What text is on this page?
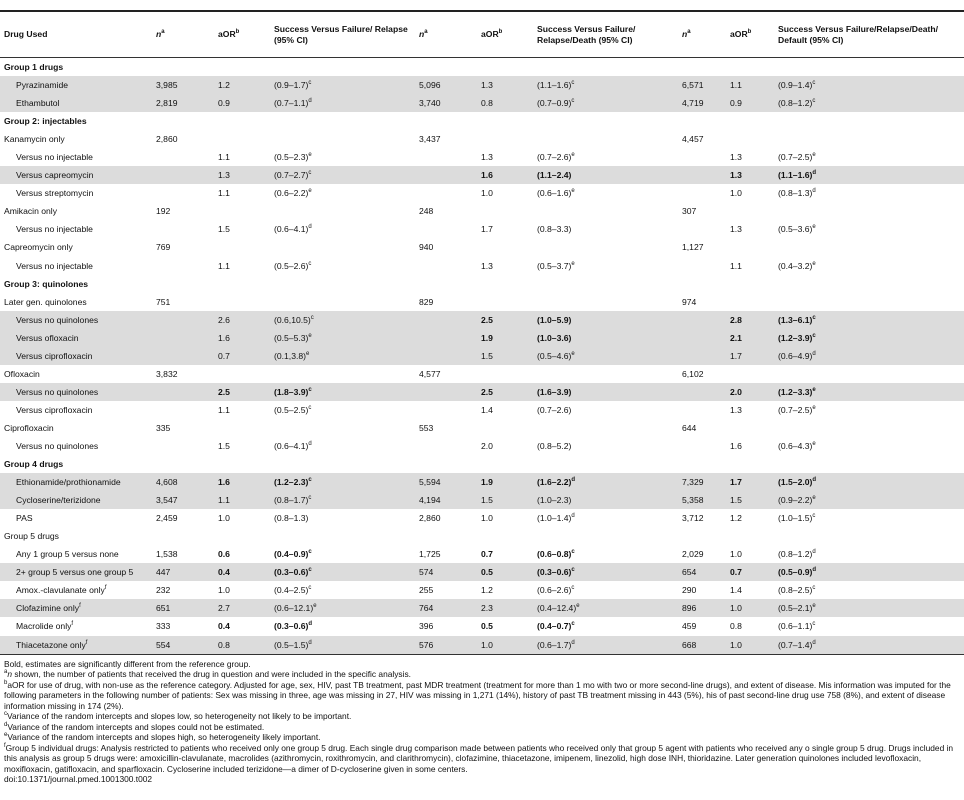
Drug Used	$n^a$	aOR$^b$	Success Versus Failure/ Relapse (95% CI)	$n^a$	aOR$^b$	Success Versus Failure/ Relapse/Death (95% CI)	$n^a$	aOR$^b$	Success Versus Failure/Relapse/Death/ Default (95% CI)
Group 1 drugs									
Pyrazinamide	3,985	1.2	$(0.9-1.7)^c$	5,096	1.3	$(1.1-1.6)^c$	6,571	1.1	$(0.9-1.4)^c$
Ethambutol	2,819	0.9	$(0.7-1.1)^d$	3,740	0.8	$(0.7-0.9)^c$	4,719	0.9	$(0.8-1.2)^c$
Group 2: injectables									
Kanamycin only	2,860			3,437			4,457		
Versus no injectable		1.1	$(0.5-2.3)^e$		1.3	$(0.7-2.6)^e$		1.3	$(0.7-2.5)^e$
Versus capreomycin		1.3	$(0.7-2.7)^c$		1.6	(1.1–2.4)		1.3	$(1.1-1.6)^d$
Versus streptomycin		1.1	$(0.6-2.2)^e$		1.0	$(0.6-1.6)^e$		1.0	$(0.8-1.3)^d$
Amikacin only	192			248			307		
Versus no injectable		1.5	$(0.6-4.1)^d$		1.7	(0.8–3.3)		1.3	$(0.5-3.6)^e$
Capreomycin only	769			940			1,127		
Versus no injectable		1.1	$(0.5-2.6)^c$		1.3	$(0.5-3.7)^e$		1.1	$(0.4-3.2)^e$
Group 3: quinolones									
Later gen. quinolones	751			829			974		
Versus no quinolones		2.6	$(0.6,10.5)^c$		2.5	(1.0–5.9)		2.8	$(1.3-6.1)^c$
Versus ofloxacin		1.6	$(0.5-5.3)^e$		1.9	(1.0–3.6)		2.1	$(1.2-3.9)^c$
Versus ciprofloxacin		0.7	$(0.1,3.8)^e$		1.5	$(0.5-4.6)^e$		1.7	$(0.6-4.9)^d$
Ofloxacin	3,832			4,577			6,102		
Versus no quinolones		2.5	$(1.8-3.9)^c$		2.5	(1.6–3.9)		2.0	$(1.2-3.3)^e$
Versus ciprofloxacin		1.1	$(0.5-2.5)^c$		1.4	(0.7–2.6)		1.3	$(0.7-2.5)^e$
Ciprofloxacin	335			553			644		
Versus no quinolones		1.5	$(0.6-4.1)^d$		2.0	(0.8–5.2)		1.6	$(0.6-4.3)^e$
Group 4 drugs									
Ethionamide/prothionamide	4,608	1.6	$(1.2-2.3)^c$	5,594	1.9	$(1.6-2.2)^d$	7,329	1.7	$(1.5-2.0)^d$
Cycloserine/terizidone	3,547	1.1	$(0.8-1.7)^c$	4,194	1.5	(1.0–2.3)	5,358	1.5	$(0.9-2.2)^e$
PAS	2,459	1.0	(0.8–1.3)	2,860	1.0	$(1.0-1.4)^d$	3,712	1.2	$(1.0-1.5)^c$
Group 5 drugs									
Any 1 group 5 versus none	1,538	0.6	$(0.4-0.9)^c$	1,725	0.7	$(0.6-0.8)^c$	2,029	1.0	$(0.8-1.2)^d$
2+ group 5 versus one group 5	447	0.4	$(0.3-0.6)^c$	574	0.5	$(0.3-0.6)^c$	654	0.7	$(0.5-0.9)^d$
Amox.-clavulanate only$^f$	232	1.0	$(0.4-2.5)^c$	255	1.2	$(0.6-2.6)^c$	290	1.4	$(0.8-2.5)^c$
Clofazimine only$^f$	651	2.7	$(0.6-12.1)^e$	764	2.3	$(0.4-12.4)^e$	896	1.0	$(0.5-2.1)^e$
Macrolide only$^f$	333	0.4	$(0.3-0.6)^d$	396	0.5	$(0.4-0.7)^c$	459	0.8	$(0.6-1.1)^c$
Thiacetazone only$^f$	554	0.8	$(0.5-1.5)^d$	576	1.0	$(0.6-1.7)^d$	668	1.0	$(0.7-1.4)^d$

Bold, estimates are significantly different from the reference group.

$^a$n shown, the number of patients that received the drug in question and were included in the specific analysis.

$^b$aOR for use of drug, with non-use as the reference category. Adjusted for age, sex, HIV, past TB treatment, past MDR treatment (treatment for more than 1 mo with two or more second-line drugs), and extent of disease. Mis information was imputed for the following parameters in the following number of patients: Sex was missing in three, age was missing in 27, HIV was missing in 1,271 (14%), history of past TB treatment missing in 443 (5%), his of past second-line drug use 758 (8%), and extent of disease information missing in 174 (2%).

$^c$Variance of the random intercepts and slopes low, so heterogeneity not likely to be important.

$^d$Variance of the random intercepts and slopes could not be estimated.

$^e$Variance of the random intercepts and slopes high, so heterogeneity likely important.

$^f$Group 5 individual drugs: Analysis restricted to patients who received only one group 5 drug. Each single drug comparison made between patients who received only that group 5 agent with patients who received any o single group 5 drug. Drugs included in this analysis as group 5 drugs were: amoxicillin-clavulanate, macrolides (azithromycin, roxithromycin, and clarithromycin), clofazimine, thiacetazone, imipenem, linezolid, high dose INH, thioridazine. Later generation quinolones included levofloxacin, moxifloxacin, gatifloxacin, and sparfloxacin. Cycloserine included terizidone—a dimer of D-cycloserine given in some centers.

doi:10.1371/journal.pmed.1001300.t002
